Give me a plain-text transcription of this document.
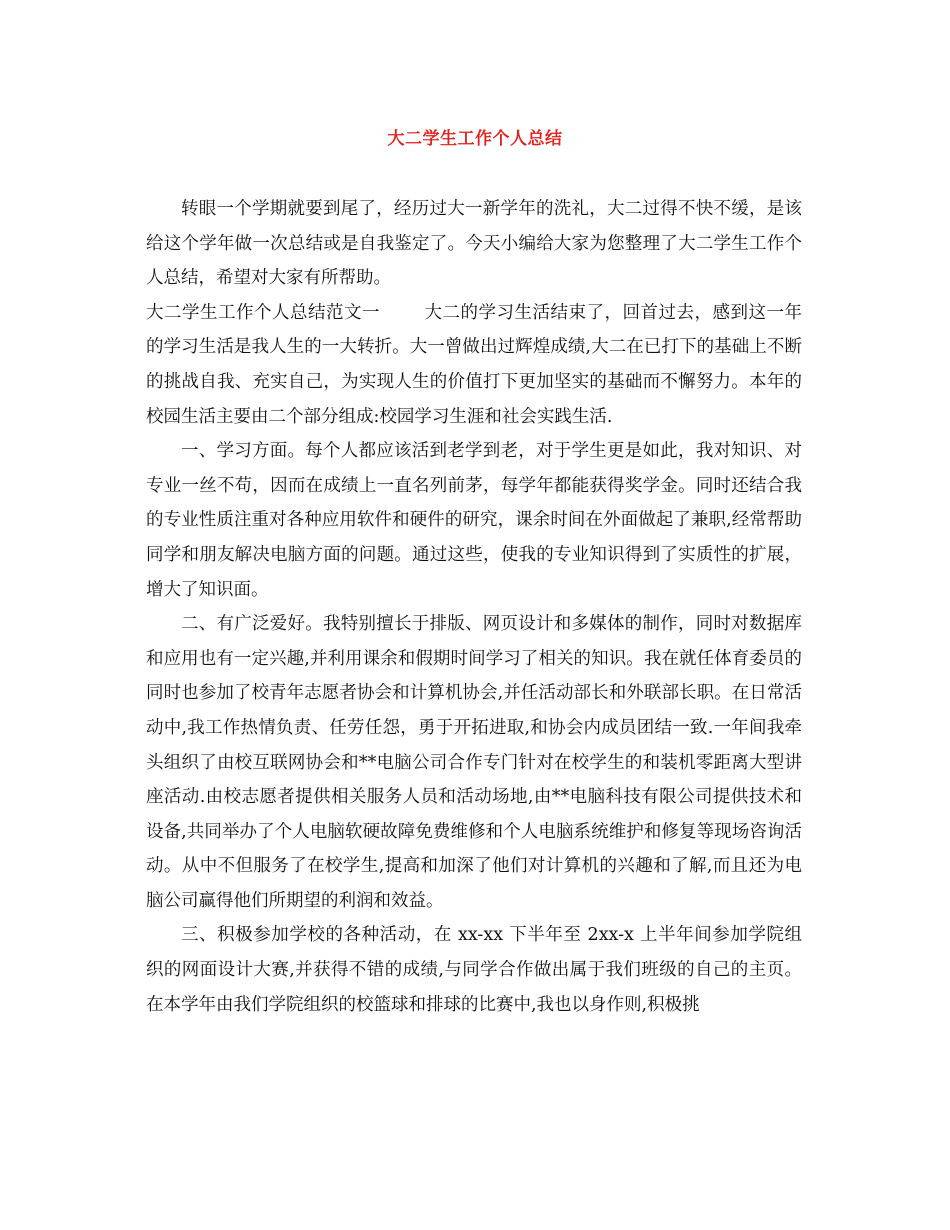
大二学生工作个人总结

转眼一个学期就要到尾了，经历过大一新学年的洗礼，大二过得不快不缓，是该给这个学年做一次总结或是自我鉴定了。今天小编给大家为您整理了大二学生工作个人总结，希望对大家有所帮助。

大二学生工作个人总结范文一	大二的学习生活结束了，回首过去，感到这一年的学习生活是我人生的一大转折。大一曾做出过辉煌成绩,大二在已打下的基础上不断的挑战自我、充实自己，为实现人生的价值打下更加坚实的基础而不懈努力。本年的校园生活主要由二个部分组成:校园学习生涯和社会实践生活.

一、学习方面。每个人都应该活到老学到老，对于学生更是如此，我对知识、对专业一丝不苟，因而在成绩上一直名列前茅，每学年都能获得奖学金。同时还结合我的专业性质注重对各种应用软件和硬件的研究，课余时间在外面做起了兼职,经常帮助同学和朋友解决电脑方面的问题。通过这些，使我的专业知识得到了实质性的扩展，增大了知识面。

二、有广泛爱好。我特别擅长于排版、网页设计和多媒体的制作，同时对数据库和应用也有一定兴趣,并利用课余和假期时间学习了相关的知识。我在就任体育委员的同时也参加了校青年志愿者协会和计算机协会,并任活动部长和外联部长职。在日常活动中,我工作热情负责、任劳任怨，勇于开拓进取,和协会内成员团结一致.一年间我牵头组织了由校互联网协会和**电脑公司合作专门针对在校学生的和装机零距离大型讲座活动.由校志愿者提供相关服务人员和活动场地,由**电脑科技有限公司提供技术和设备,共同举办了个人电脑软硬故障免费维修和个人电脑系统维护和修复等现场咨询活动。从中不但服务了在校学生,提高和加深了他们对计算机的兴趣和了解,而且还为电脑公司赢得他们所期望的利润和效益。

三、积极参加学校的各种活动，在 xx-xx 下半年至 2xx-x 上半年间参加学院组织的网面设计大赛,并获得不错的成绩,与同学合作做出属于我们班级的自己的主页。在本学年由我们学院组织的校篮球和排球的比赛中,我也以身作则,积极挑
